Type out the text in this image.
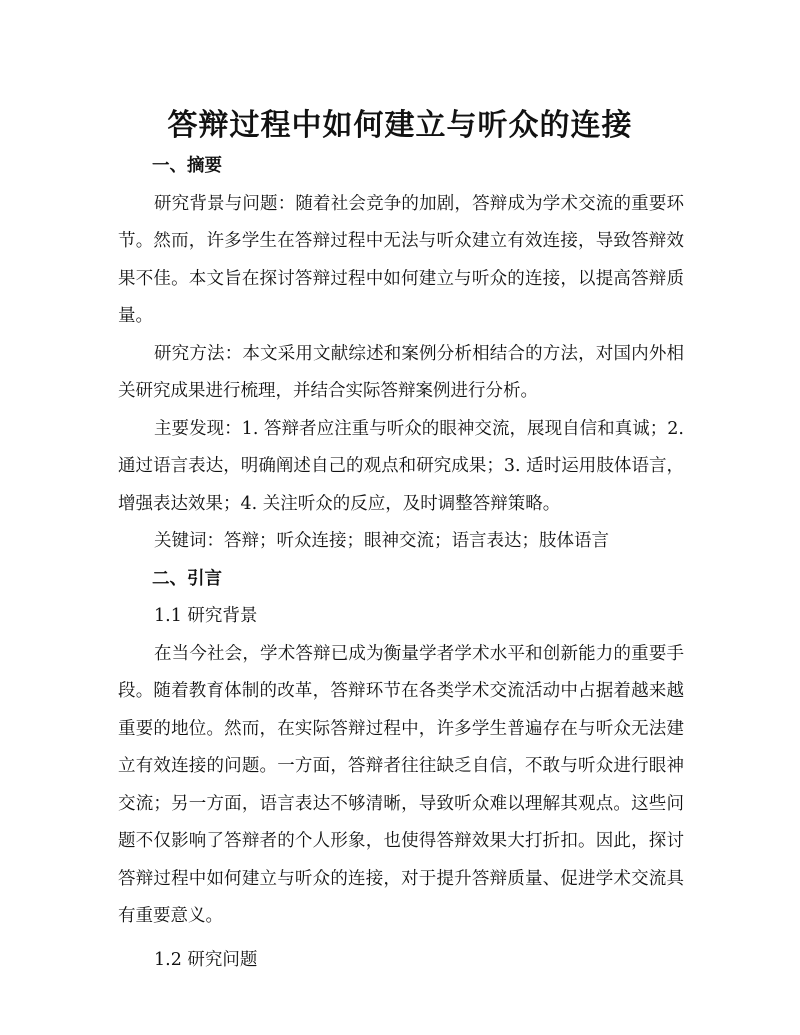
答辩过程中如何建立与听众的连接

一、摘要

研究背景与问题：随着社会竞争的加剧，答辩成为学术交流的重要环节。然而，许多学生在答辩过程中无法与听众建立有效连接，导致答辩效果不佳。本文旨在探讨答辩过程中如何建立与听众的连接，以提高答辩质量。

研究方法：本文采用文献综述和案例分析相结合的方法，对国内外相关研究成果进行梳理，并结合实际答辩案例进行分析。

主要发现：1. 答辩者应注重与听众的眼神交流，展现自信和真诚；2. 通过语言表达，明确阐述自己的观点和研究成果；3. 适时运用肢体语言，增强表达效果；4. 关注听众的反应，及时调整答辩策略。

关键词：答辩；听众连接；眼神交流；语言表达；肢体语言

二、引言

1.1 研究背景

在当今社会，学术答辩已成为衡量学者学术水平和创新能力的重要手段。随着教育体制的改革，答辩环节在各类学术交流活动中占据着越来越重要的地位。然而，在实际答辩过程中，许多学生普遍存在与听众无法建立有效连接的问题。一方面，答辩者往往缺乏自信，不敢与听众进行眼神交流；另一方面，语言表达不够清晰，导致听众难以理解其观点。这些问题不仅影响了答辩者的个人形象，也使得答辩效果大打折扣。因此，探讨答辩过程中如何建立与听众的连接，对于提升答辩质量、促进学术交流具有重要意义。

1.2 研究问题
